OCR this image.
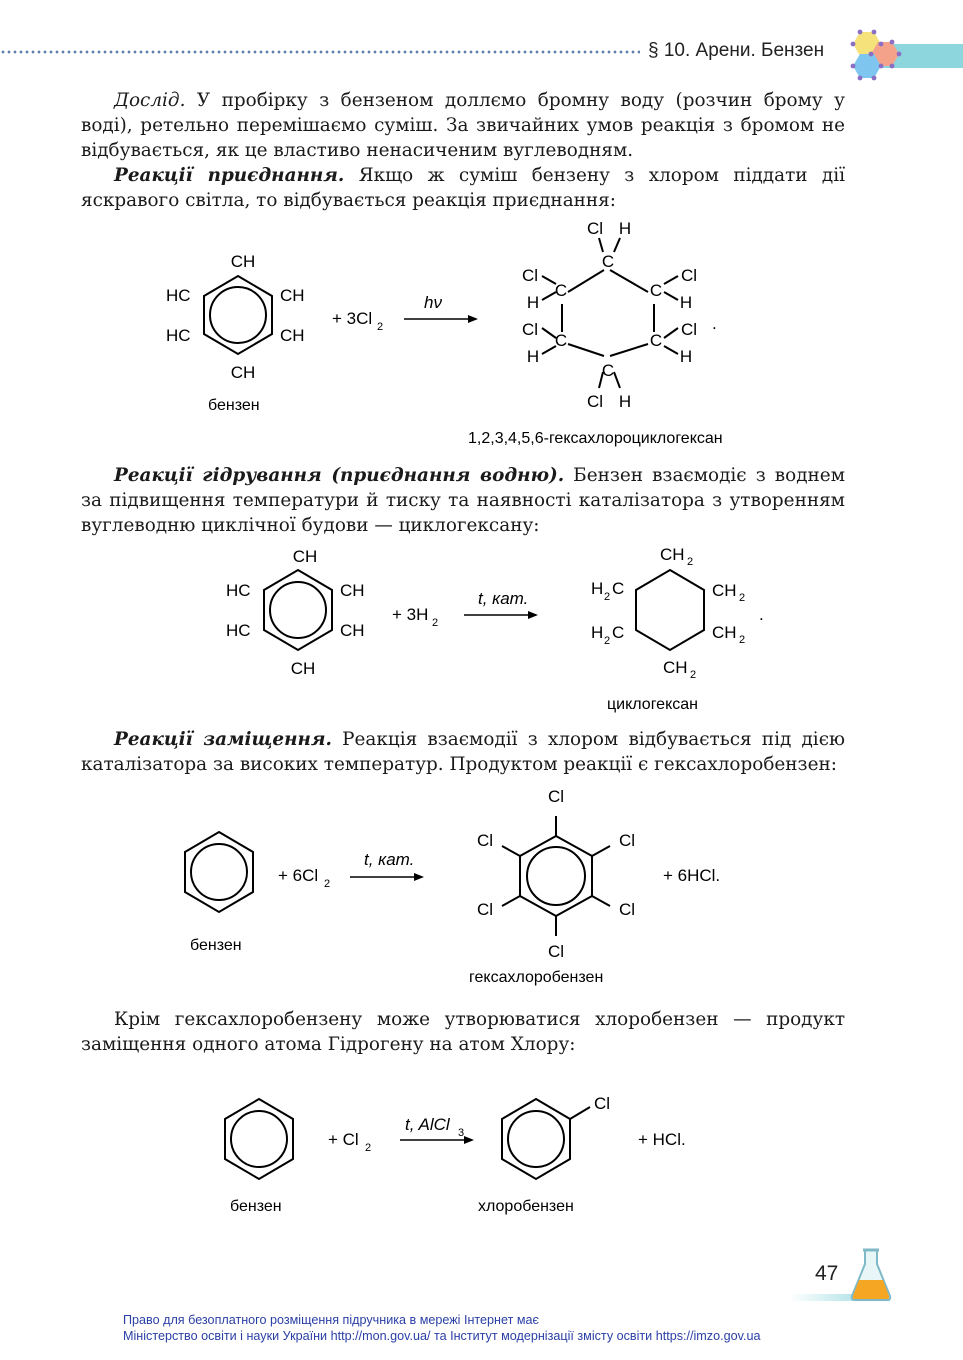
§ 10. Арени. Бензен
Дослід. У пробірку з бензеном доллємо бромну воду (розчин брому у воді), ретельно перемішаємо суміш. За звичайних умов реакція з бромом не відбувається, як це властиво ненасиченим вуглеводням.
Реакції приєднання. Якщо ж суміш бензену з хлором піддати дії яскравого світла, то відбувається реакція приєднання:
CH
CH
HC
HC
CH
CH
бензен
+ 3Cl 2
hν
C
C
C
C
C
C
Cl H
Cl H
Cl
H
Cl
H
Cl
H
Cl
H
.
1,2,3,4,5,6-гексахлороциклогексан
Реакції гідрування (приєднання водню). Бензен взаємодіє з воднем за підвищення температури й тиску та наявності каталізатора з утворенням вуглеводню циклічної будови — циклогексану:
CH
CH
HC
HC
CH
CH
+ 3H 2
t, кат.
CH 2
CH 2
CH 2
CH 2
H 2 C
H 2 C
.
циклогексан
Реакції заміщення. Реакція взаємодії з хлором відбувається під дією каталізатора за високих температур. Продуктом реакції є гексахлоробензен:
бензен
+ 6Cl 2
t, кат.
Cl
Cl
Cl
Cl
Cl
Cl
+ 6HCl.
гексахлоробензен
Крім гексахлоробензену може утворюватися хлоробензен — продукт заміщення одного атома Гідрогену на атом Хлору:
бензен
+ Cl 2
t, AlCl 3
Cl
+ HCl.
хлоробензен
47
Право для безоплатного розміщення підручника в мережі Інтернет має
Міністерство освіти і науки України http://mon.gov.ua/ та Інститут модернізації змісту освіти https://imzo.gov.ua
